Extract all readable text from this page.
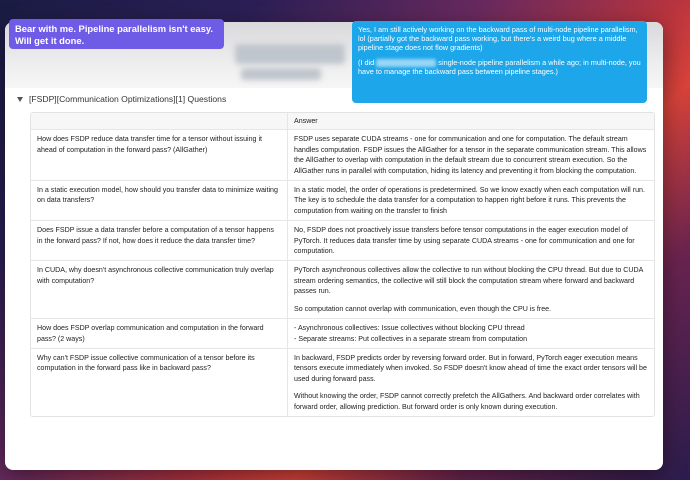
[FSDP][Communication Optimizations][1] Questions
	Answer
How does FSDP reduce data transfer time for a tensor without issuing it ahead of computation in the forward pass? (AllGather)	FSDP uses separate CUDA streams - one for communication and one for computation. The default stream handles computation. FSDP issues the AllGather for a tensor in the separate communication stream. This allows the AllGather to overlap with computation in the default stream due to concurrent stream execution. So the AllGather runs in parallel with computation, hiding its latency and preventing it from blocking the computation.

In a static execution model, how should you transfer data to minimize waiting on data transfers?	In a static model, the order of operations is predetermined. So we know exactly when each computation will run. The key is to schedule the data transfer for a computation to happen right before it runs. This prevents the computation from waiting on the transfer to finish

Does FSDP issue a data transfer before a computation of a tensor happens in the forward pass? If not, how does it reduce the data transfer time?	No, FSDP does not proactively issue transfers before tensor computations in the eager execution model of PyTorch. It reduces data transfer time by using separate CUDA streams - one for communication and one for computation.

In CUDA, why doesn't asynchronous collective communication truly overlap with computation?	PyTorch asynchronous collectives allow the collective to run without blocking the CPU thread. But due to CUDA stream ordering semantics, the collective will still block the computation stream where forward and backward passes run.
So computation cannot overlap with communication, even though the CPU is free.

How does FSDP overlap communication and computation in the forward pass? (2 ways)	- Asynchronous collectives: Issue collectives without blocking CPU thread
- Separate streams: Put collectives in a separate stream from computation

Why can't FSDP issue collective communication of a tensor before its computation in the forward pass like in backward pass?	In backward, FSDP predicts order by reversing forward order. But in forward, PyTorch eager execution means tensors execute immediately when invoked. So FSDP doesn't know ahead of time the exact order tensors will be used during forward pass.
Without knowing the order, FSDP cannot correctly prefetch the AllGathers. And backward order correlates with forward order, allowing prediction. But forward order is only known during execution.
Bear with me. Pipeline parallelism isn't easy. Will get it done.

Yes, I am still actively working on the backward pass of multi-node pipeline parallelism, lol (partially got the backward pass working, but there's a weird bug where a middle pipeline stage does not flow gradients)

(I did	single-node pipeline parallelism a while ago; in multi-node, you have to manage the backward pass between pipeline stages.)
